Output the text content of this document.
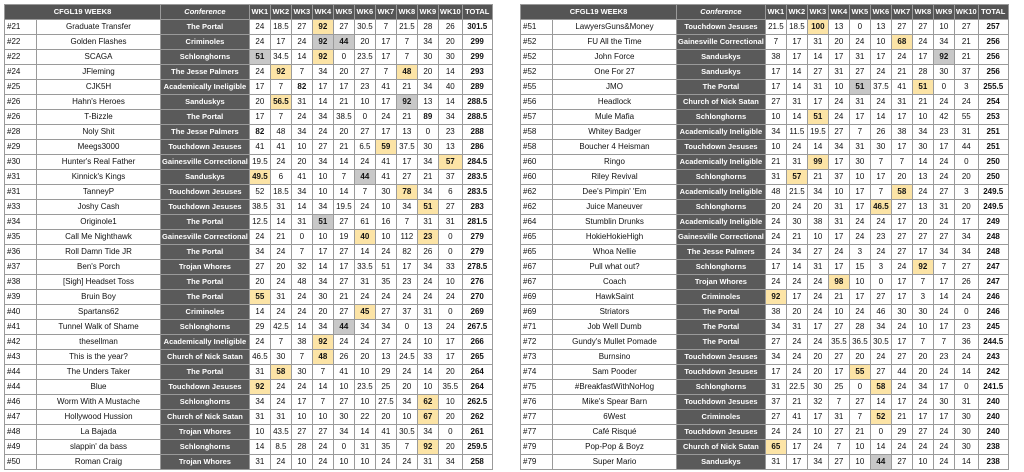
CFGL19 WEEK8		Conference	WK1	WK2	WK3	WK4	WK5	WK6	WK7	WK8	WK9	WK10	TOTAL
#21	Graduate Transfer	The Portal	24	18.5	27	92	27	30.5	7	21.5	28	26	301.5
#22	Golden Flashes	Criminoles	24	17	24	92	44	20	17	7	34	20	299
#22	SCAGA	Schlonghorns	51	34.5	14	92	0	23.5	17	7	30	30	299
#24	JFleming	The Jesse Palmers	24	92	7	34	20	27	7	48	20	14	293
#25	CJK5H	Academically Ineligible	17	7	82	17	17	23	41	21	34	40	289
#26	Hahn's Heroes	Sanduskys	20	56.5	31	14	21	10	17	92	13	14	288.5
#26	T-Bizzle	The Portal	17	7	24	34	38.5	0	24	21	89	34	288.5
#28	Noly Shit	The Jesse Palmers	82	48	34	24	20	27	17	13	0	23	288
#29	Meegs3000	Touchdown Jesuses	41	41	10	27	21	6.5	59	37.5	30	13	286
#30	Hunter's Real Father	Gainesville Correctional	19.5	24	20	34	14	24	41	17	34	57	284.5
#31	Kinnick's Kings	Sanduskys	49.5	6	41	10	7	44	41	27	21	37	283.5
#31	TanneyP	Touchdown Jesuses	52	18.5	34	10	14	7	30	78	34	6	283.5
#33	Joshy Cash	Touchdown Jesuses	38.5	31	14	34	19.5	24	10	34	51	27	283
#34	Originole1	The Portal	12.5	14	31	51	27	61	16	7	31	31	281.5
#35	Call Me Nighthawk	Gainesville Correctional	24	21	0	10	19	40	10	112	23	0	279
#36	Roll Damn Tide JR	The Portal	34	24	7	17	27	14	24	82	26	0	279
#37	Ben's Porch	Trojan Whores	27	20	32	14	17	33.5	51	17	34	33	278.5
#38	[Sigh] Headset Toss	The Portal	20	24	48	34	27	31	35	23	24	10	276
#39	Bruin Boy	The Portal	55	31	24	30	21	24	24	24	24	24	270
#40	Spartans62	Criminoles	14	24	24	20	27	45	27	37	31	0	269
#41	Tunnel Walk of Shame	Schlonghorns	29	42.5	14	34	44	34	34	0	13	24	267.5
#42	thesellman	Academically Ineligible	24	7	38	92	24	24	27	24	10	17	266
#43	This is the year?	Church of Nick Satan	46.5	30	7	48	26	20	13	24.5	33	17	265
#44	The Unders Taker	The Portal	31	58	30	7	41	10	29	24	14	20	264
#44	Blue	Touchdown Jesuses	92	24	24	14	10	23.5	25	20	10	35.5	264
#46	Worm With A Mustache	Schlonghorns	34	24	17	7	27	10	27.5	34	62	10	262.5
#47	Hollywood Hussion	Church of Nick Satan	31	31	10	10	30	22	20	10	67	20	262
#48	La Bajada	Trojan Whores	10	43.5	27	27	34	14	41	30.5	34	0	261
#49	slappin' da bass	Schlonghorns	14	8.5	28	24	0	31	35	7	92	20	259.5
#50	Roman Craig	Trojan Whores	31	24	10	24	10	10	24	24	31	34	258
CFGL19 WEEK8		Conference	WK1	WK2	WK3	WK4	WK5	WK6	WK7	WK8	WK9	WK10	TOTAL
#51	LawyersGuns&Money	Touchdown Jesuses	21.5	18.5	100	13	0	13	27	27	10	27	257
#52	FU All the Time	Gainesville Correctional	7	17	31	20	24	10	68	24	34	21	256
#52	John Force	Sanduskys	38	17	14	17	31	17	24	17	92	21	256
#52	One For 27	Sanduskys	17	14	27	31	27	24	21	28	30	37	256
#55	JMO	The Portal	17	14	31	10	51	37.5	41	51	0	3	255.5
#56	Headlock	Church of Nick Satan	27	31	17	24	31	24	31	21	24	24	254
#57	Mule Mafia	Schlonghorns	10	14	51	24	17	14	17	10	42	55	253
#58	Whitey Badger	Academically Ineligible	34	11.5	19.5	27	7	26	38	34	23	31	251
#58	Boucher 4 Heisman	Touchdown Jesuses	10	24	14	34	31	30	17	30	17	44	251
#60	Ringo	Academically Ineligible	21	31	99	17	30	7	7	14	24	0	250
#60	Riley Revival	Schlonghorns	31	57	21	37	10	17	20	13	24	20	250
#62	Dee's Pimpin' 'Em	Academically Ineligible	48	21.5	34	10	17	7	58	24	27	3	249.5
#62	Juice Maneuver	Schlonghorns	20	24	20	31	17	46.5	27	13	31	20	249.5
#64	Stumblin Drunks	Academically Ineligible	24	30	38	31	24	24	17	20	24	17	249
#65	HokieHokieHigh	Gainesville Correctional	24	21	10	17	24	23	27	27	27	34	248
#65	Whoa Nellie	The Jesse Palmers	24	34	27	24	3	24	27	17	34	34	248
#67	Pull what out?	Schlonghorns	17	14	31	17	15	3	24	92	7	27	247
#67	Coach	Trojan Whores	24	24	24	98	10	0	17	7	17	26	247
#69	HawkSaint	Criminoles	92	17	24	21	17	27	17	3	14	24	246
#69	Striators	The Portal	38	20	24	10	24	46	30	30	24	0	246
#71	Job Well Dumb	The Portal	34	31	17	27	28	34	24	10	17	23	245
#72	Gundy's Mullet Pomade	The Portal	27	24	24	35.5	36.5	30.5	17	7	7	36	244.5
#73	Burnsino	Touchdown Jesuses	34	24	20	27	20	24	27	20	23	24	243
#74	Sam Pooder	Touchdown Jesuses	17	24	20	17	55	27	44	20	24	14	242
#75	#BreakfastWithNoHog	Schlonghorns	31	22.5	30	25	0	58	24	34	17	0	241.5
#76	Mike's Spear Barn	Touchdown Jesuses	37	21	32	7	27	14	17	24	30	31	240
#77	6West	Criminoles	27	41	17	31	7	52	21	17	17	30	240
#77	Café Risqué	Touchdown Jesuses	24	24	10	27	21	0	29	27	24	30	240
#79	Pop-Pop & Boyz	Church of Nick Satan	65	17	24	7	10	14	24	24	24	30	238
#79	Super Mario	Sanduskys	31	17	34	27	10	44	27	10	24	14	238
